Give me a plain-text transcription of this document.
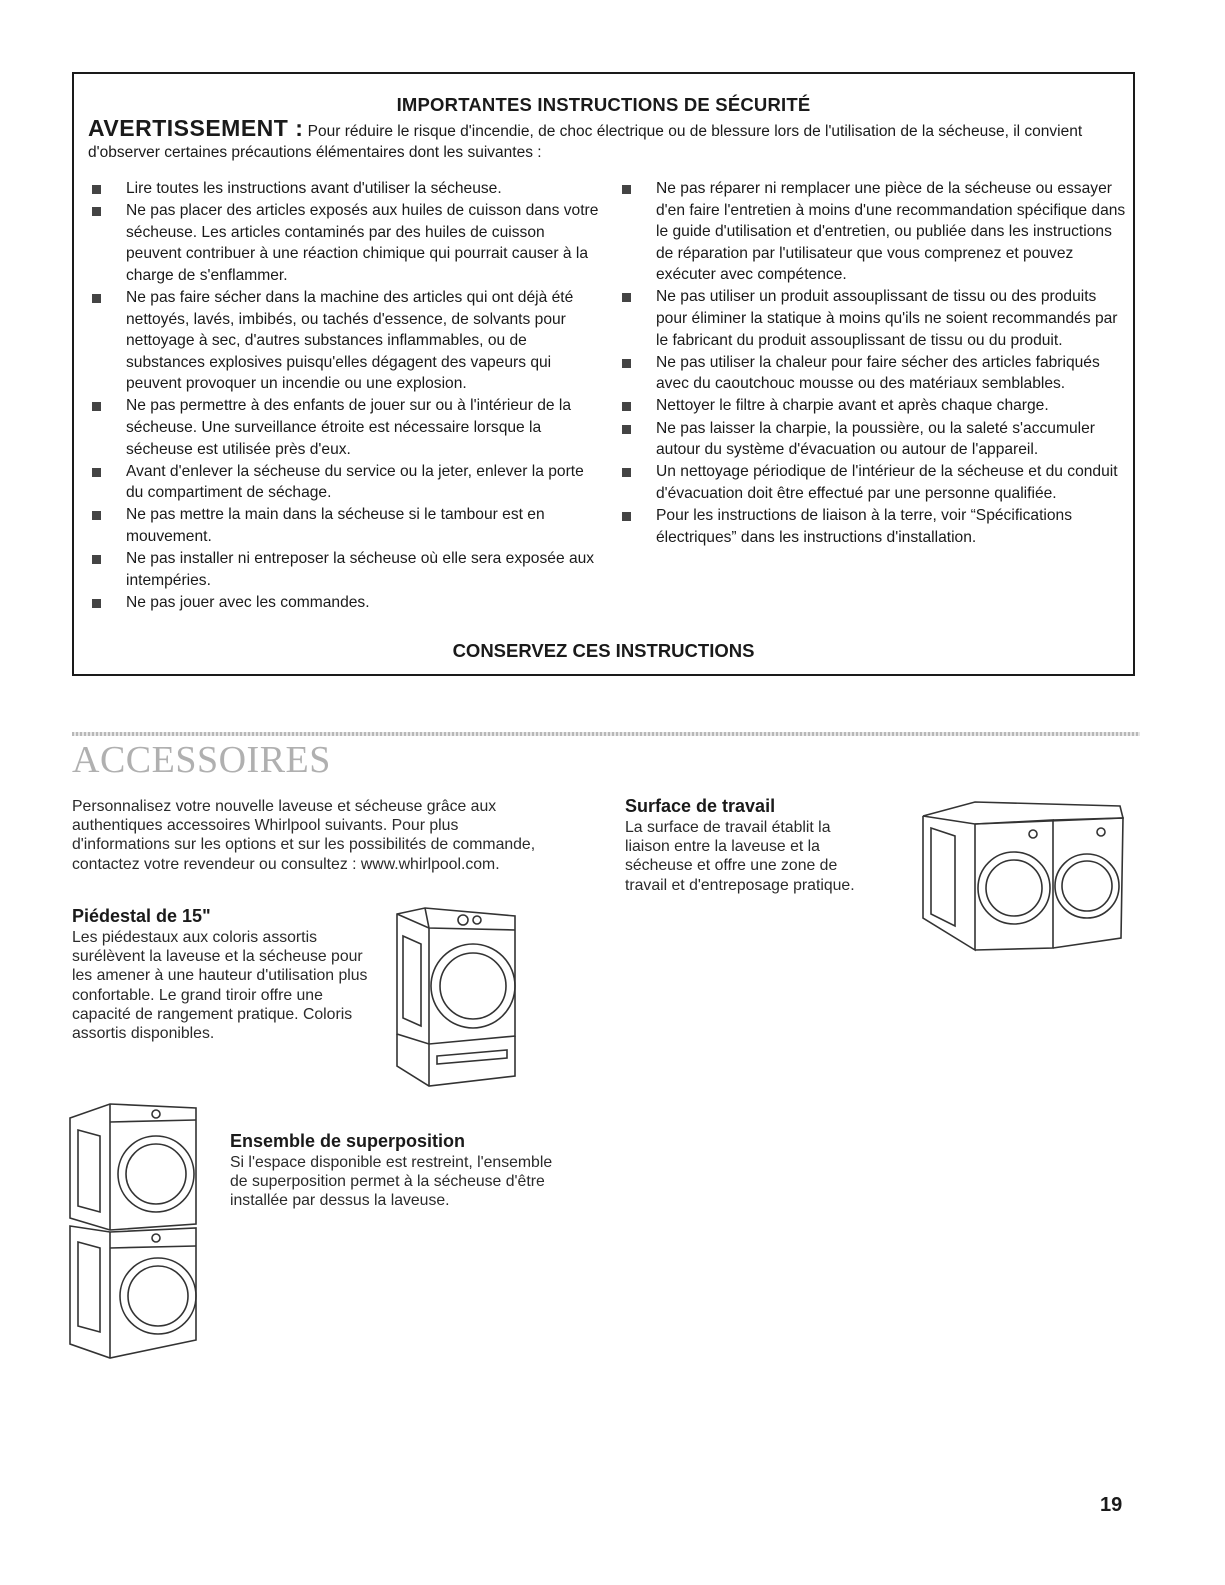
IMPORTANTES INSTRUCTIONS DE SÉCURITÉ
AVERTISSEMENT : Pour réduire le risque d'incendie, de choc électrique ou de blessure lors de l'utilisation de la sécheuse, il convient d'observer certaines précautions élémentaires dont les suivantes :
Lire toutes les instructions avant d'utiliser la sécheuse.
Ne pas placer des articles exposés aux huiles de cuisson dans votre sécheuse. Les articles contaminés par des huiles de cuisson peuvent contribuer à une réaction chimique qui pourrait causer à la charge de s'enflammer.
Ne pas faire sécher dans la machine des articles qui ont déjà été nettoyés, lavés, imbibés, ou tachés d'essence, de solvants pour nettoyage à sec, d'autres substances inflammables, ou de substances explosives puisqu'elles dégagent des vapeurs qui peuvent provoquer un incendie ou une explosion.
Ne pas permettre à des enfants de jouer sur ou à l'intérieur de la sécheuse. Une surveillance étroite est nécessaire lorsque la sécheuse est utilisée près d'eux.
Avant d'enlever la sécheuse du service ou la jeter, enlever la porte du compartiment de séchage.
Ne pas mettre la main dans la sécheuse si le tambour est en mouvement.
Ne pas installer ni entreposer la sécheuse où elle sera exposée aux intempéries.
Ne pas jouer avec les commandes.
Ne pas réparer ni remplacer une pièce de la sécheuse ou essayer d'en faire l'entretien à moins d'une recommandation spécifique dans le guide d'utilisation et d'entretien, ou publiée dans les instructions de réparation par l'utilisateur que vous comprenez et pouvez exécuter avec compétence.
Ne pas utiliser un produit assouplissant de tissu ou des produits pour éliminer la statique à moins qu'ils ne soient recommandés par le fabricant du produit assouplissant de tissu ou du produit.
Ne pas utiliser la chaleur pour faire sécher des articles fabriqués avec du caoutchouc mousse ou des matériaux semblables.
Nettoyer le filtre à charpie avant et après chaque charge.
Ne pas laisser la charpie, la poussière, ou la saleté s'accumuler autour du système d'évacuation ou autour de l'appareil.
Un nettoyage périodique de l'intérieur de la sécheuse et du conduit d'évacuation doit être effectué par une personne qualifiée.
Pour les instructions de liaison à la terre, voir “Spécifications électriques” dans les instructions d'installation.
CONSERVEZ CES INSTRUCTIONS
ACCESSOIRES
Personnalisez votre nouvelle laveuse et sécheuse grâce aux authentiques accessoires Whirlpool suivants. Pour plus d'informations sur les options et sur les possibilités de commande, contactez votre revendeur ou consultez : www.whirlpool.com.
Piédestal de 15"
Les piédestaux aux coloris assortis surélèvent la laveuse et la sécheuse pour les amener à une hauteur d'utilisation plus confortable. Le grand tiroir offre une capacité de rangement pratique. Coloris assortis disponibles.
Surface de travail
La surface de travail établit la liaison entre la laveuse et la sécheuse et offre une zone de travail et d'entreposage pratique.
Ensemble de superposition
Si l'espace disponible est restreint, l'ensemble de superposition permet à la sécheuse d'être installée par dessus la laveuse.
19
